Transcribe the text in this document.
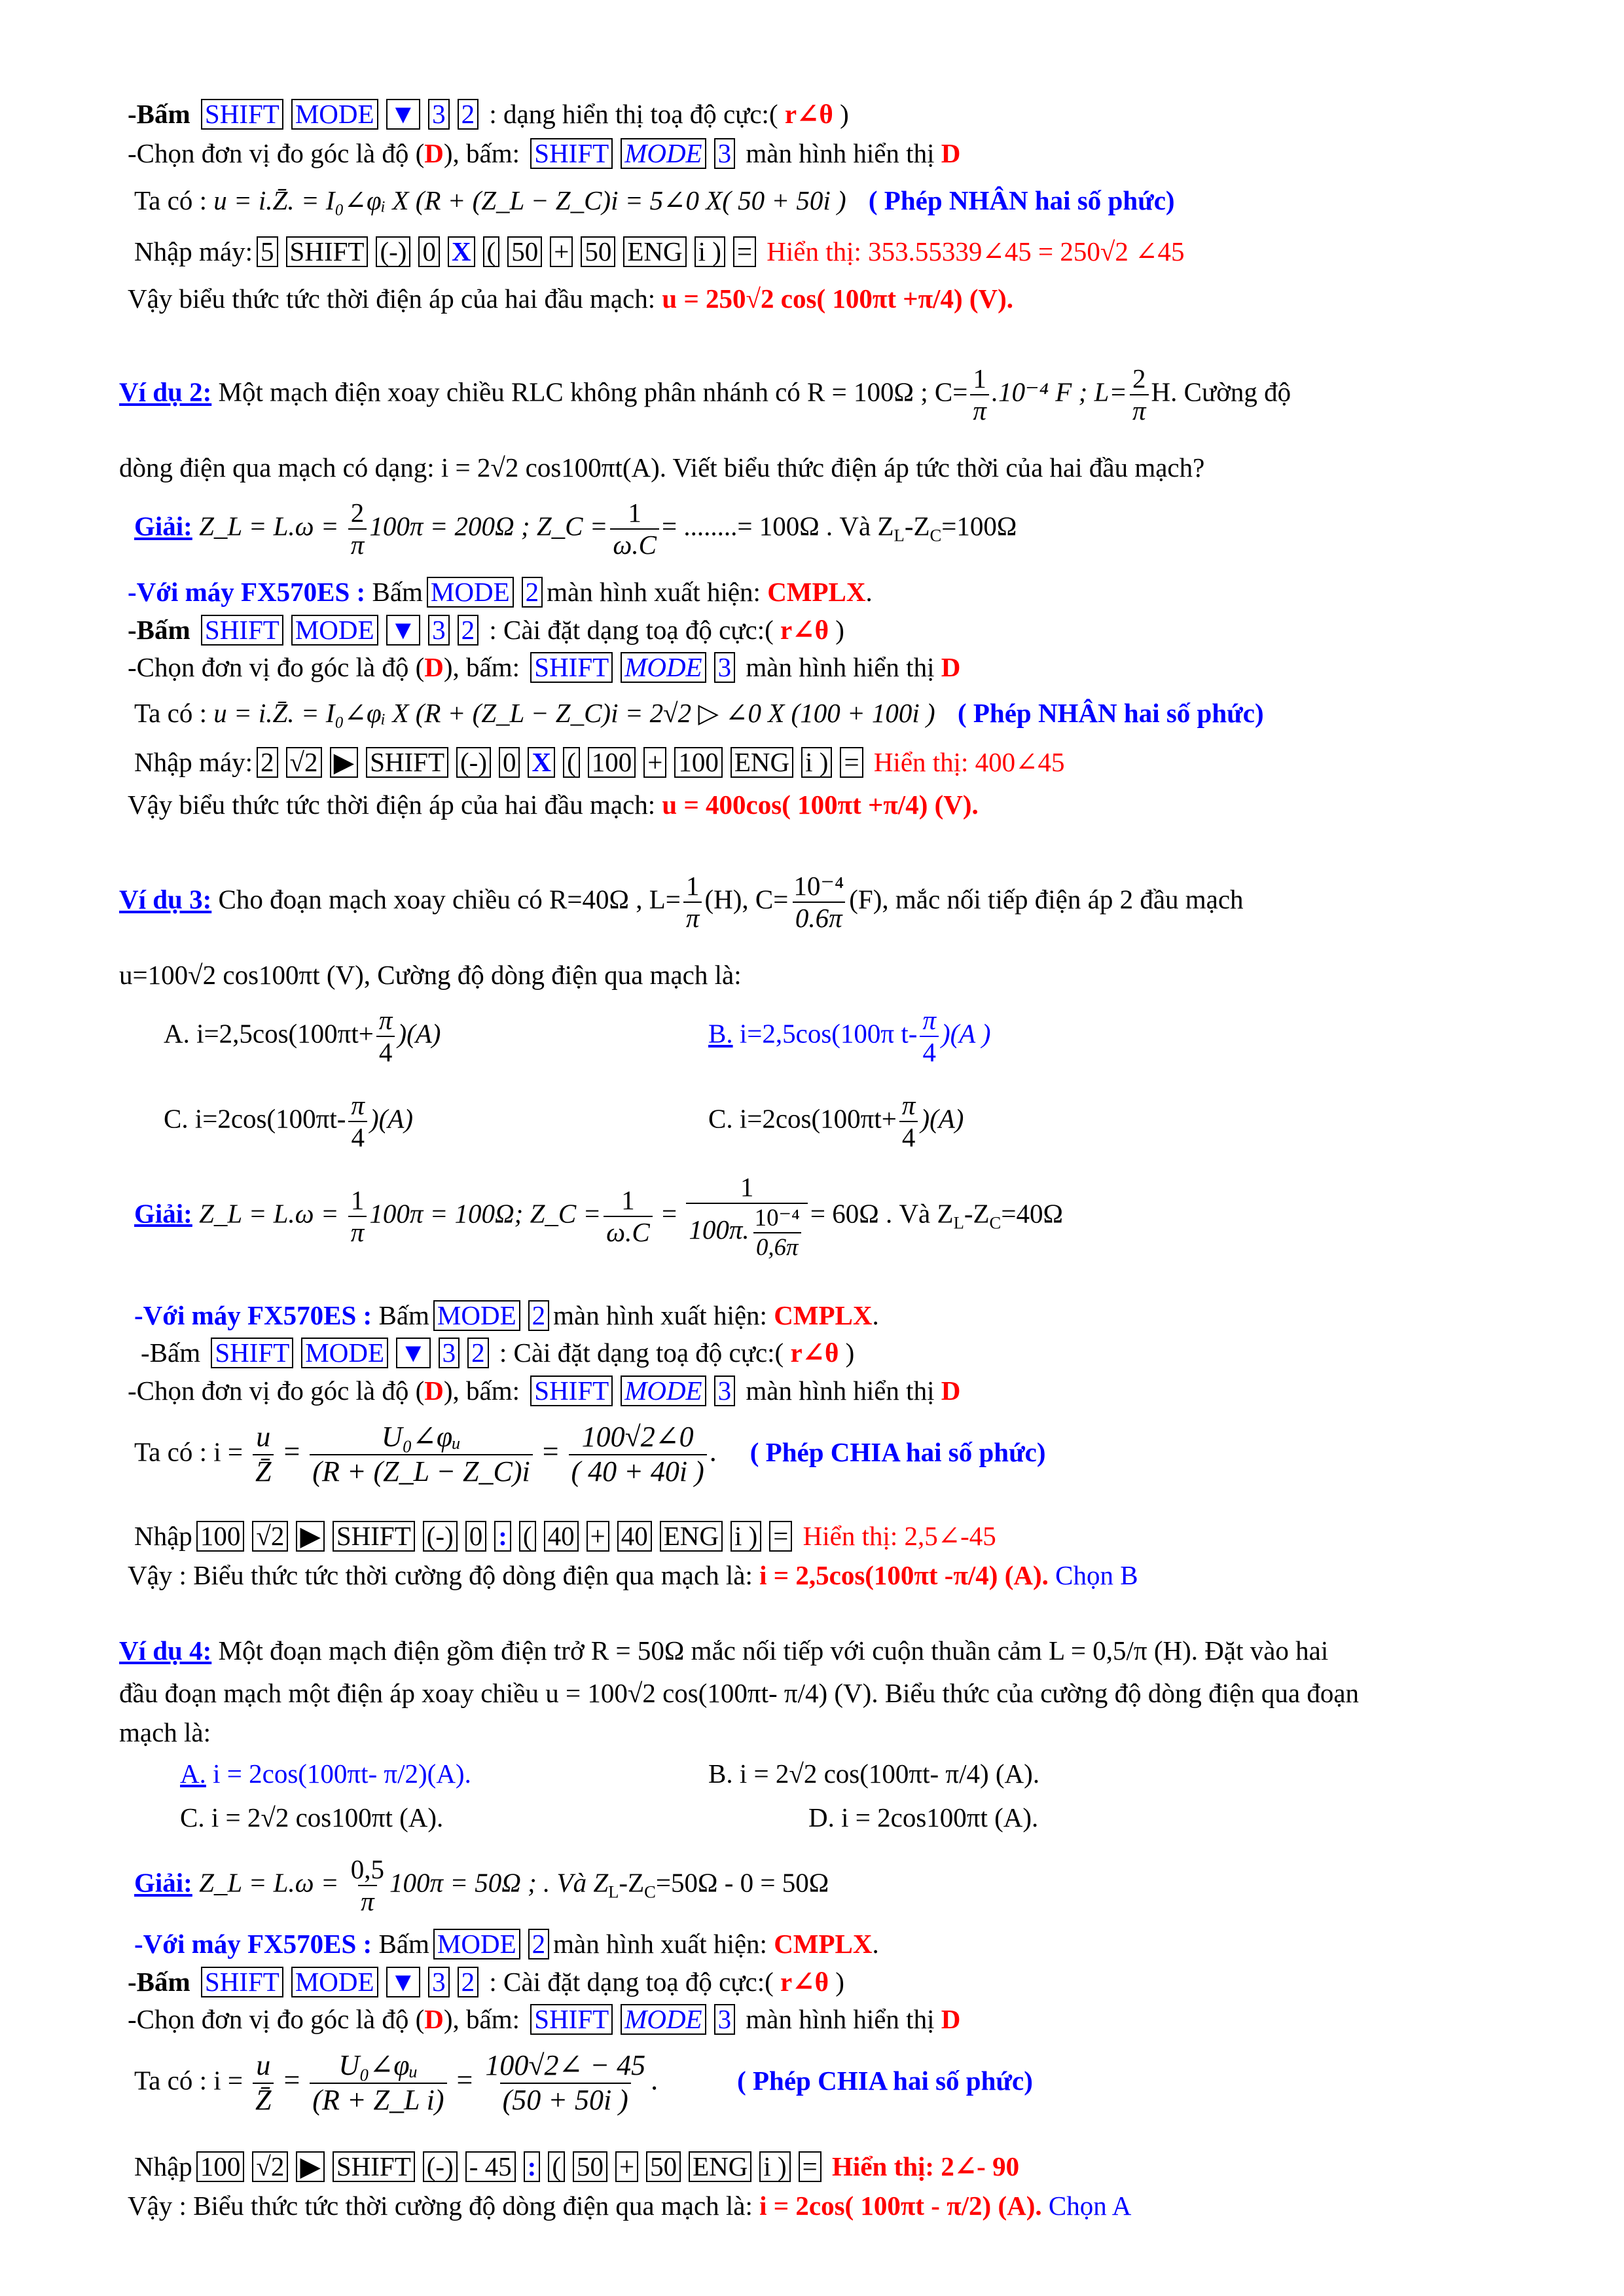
-Bấm SHIFT MODE ▼ 3 2 : dạng hiển thị toạ độ cực:( r∠θ )
-Chọn đơn vị đo góc là độ (D), bấm: SHIFT MODE 3 màn hình hiển thị D
Ta có : u = i.Z̄. = I₀∠φᵢ X (R + (Z_L − Z_C)i = 5∠0 X( 50 + 50i ) ( Phép NHÂN hai số phức)
Nhập máy: 5 SHIFT (-) 0 X ( 50 + 50 ENG i ) = Hiển thị: 353.55339∠45 = 250√2 ∠45
Vậy biểu thức tức thời điện áp của hai đầu mạch: u = 250√2 cos( 100πt +π/4) (V).
Ví dụ 2: Một mạch điện xoay chiều RLC không phân nhánh có R = 100Ω ; $C= \frac{1}{\pi} .10^{-4}$ F ; $L= \frac{2}{\pi} H$. Cường độ
dòng điện qua mạch có dạng: i = 2√2 cos100πt(A). Viết biểu thức điện áp tức thời của hai đầu mạch?
Giải: Z_L = $L.\omega = \frac{2}{\pi} 100\pi = 200\Omega$ ; Z_C = $\frac{1}{\omega.C}$ = ........= 100Ω . Và $Z_L-Z_C=100\Omega$
-Với máy FX570ES : Bấm MODE 2 màn hình xuất hiện: CMPLX.
-Bấm SHIFT MODE ▼ 3 2 : Cài đặt dạng toạ độ cực:( r∠θ )
-Chọn đơn vị đo góc là độ (D), bấm: SHIFT MODE 3 màn hình hiển thị D
Ta có : u = i.Z̄. = I₀∠φᵢ X (R + (Z_L − Z_C)i = 2√2 ▷ ∠0 X (100 + 100i ) ( Phép NHÂN hai số phức)
Nhập máy: 2 √2 ▶ SHIFT (-) 0 X ( 100 + 100 ENG i ) = Hiển thị: 400∠45
Vậy biểu thức tức thời điện áp của hai đầu mạch: u = 400cos( 100πt +π/4) (V).
Ví dụ 3: Cho đoạn mạch xoay chiều có R=40Ω , $L= \frac{1}{\pi} (H)$, $C= \frac{\text{10⁻⁴}}{0.6\pi} (F)$, mắc nối tiếp điện áp 2 đầu mạch
u=100√2 cos100πt (V), Cường độ dòng điện qua mạch là:
A. $i=2,5\cos(100\pi t+ \frac{\pi}{4} )(A)$	B. i=2,5cos(100π $t- \frac{\pi}{4} )(A$ )
C. $i=2\cos(100\pi t- \frac{\pi}{4} )(A)$	C. $i=2\cos(100\pi t+ \frac{\pi}{4} )(A)$
Giải: Z_L = $L.\omega = \frac{1}{\pi} 100\pi = 100\Omega$; Z_C = $\frac{1}{\omega.C} = \frac{1}{100\pi. \frac{\text{10⁻⁴}}{0,6\pi}} = 60\Omega$ . Và $Z_L-Z_C=40\Omega$
-Với máy FX570ES : Bấm MODE 2 màn hình xuất hiện: CMPLX.
-Bấm SHIFT MODE ▼ 3 2 : Cài đặt dạng toạ độ cực:( r∠θ )
-Chọn đơn vị đo góc là độ (D), bấm: SHIFT MODE 3 màn hình hiển thị D
Ta có : $i = \frac{u}{Z̄} = \frac{\text{U₀∠φᵤ}}{(R + (Z\_L - Z\_C)i} = \frac{100√2\angle 0}{( 40 + 40i )}$ . ( Phép CHIA hai số phức)
Nhập 100 √2 ▶ SHIFT (-) 0 : ( 40 + 40 ENG i ) = Hiển thị: 2,5∠-45
Vậy : Biểu thức tức thời cường độ dòng điện qua mạch là: i = 2,5cos(100πt -π/4) (A). Chọn B
Ví dụ 4: Một đoạn mạch điện gồm điện trở R = 50Ω mắc nối tiếp với cuộn thuần cảm L = 0,5/π (H). Đặt vào hai
đầu đoạn mạch một điện áp xoay chiều u = 100√2 cos(100πt- π/4) (V). Biểu thức của cường độ dòng điện qua đoạn
mạch là:
A. i = 2cos(100πt- π/2)(A).	B. i = 2√2 cos(100πt- π/4) (A).
C. i = 2√2 cos100πt (A).	D. i = 2cos100πt (A).
Giải: Z_L = $L.\omega = \frac{0,5}{\pi} 100\pi = 50\Omega$ ; . Và $Z_L-Z_C=50\Omega - 0 = 50\Omega$
-Với máy FX570ES : Bấm MODE 2 màn hình xuất hiện: CMPLX.
-Bấm SHIFT MODE ▼ 3 2 : Cài đặt dạng toạ độ cực:( r∠θ )
-Chọn đơn vị đo góc là độ (D), bấm: SHIFT MODE 3 màn hình hiển thị D
Ta có : $i = \frac{u}{Z̄} = \frac{\text{U₀∠φᵤ}}{\text{(R + Z\_L i)}} = \frac{100√2\angle - 45}{(50 + 50i )}$ .	( Phép CHIA hai số phức)
Nhập 100 √2 ▶ SHIFT (-) - 45 : ( 50 + 50 ENG i ) = Hiển thị: 2∠- 90
Vậy : Biểu thức tức thời cường độ dòng điện qua mạch là: i = 2cos( 100πt - π/2) (A). Chọn A
